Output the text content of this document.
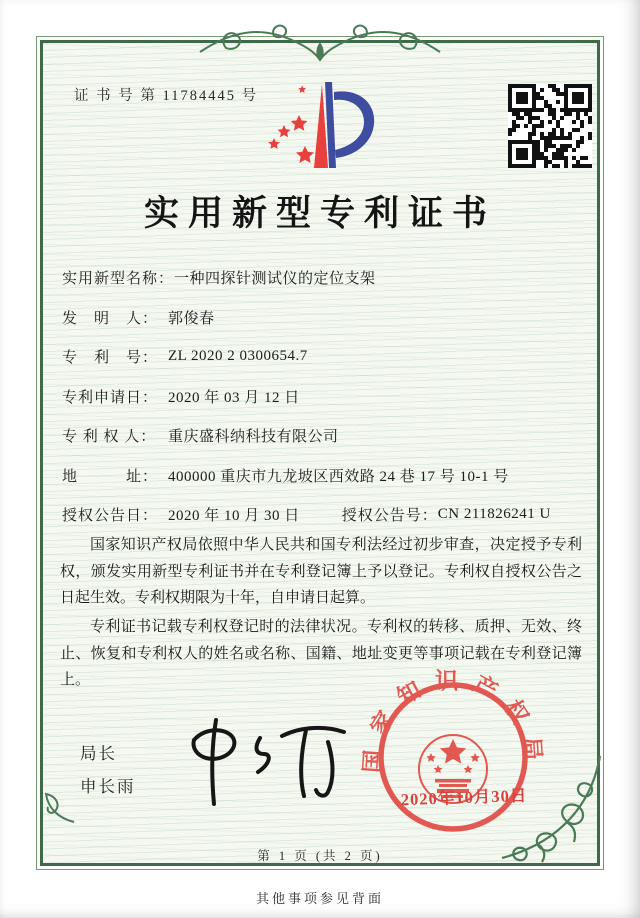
证 书 号 第 11784445 号
实用新型专利证书
实用新型名称： 一种四探针测试仪的定位支架
发　明　人： 郭俊春
专　利　号： ZL 2020 2 0300654.7
专利申请日： 2020 年 03 月 12 日
专 利 权 人： 重庆盛科纳科技有限公司
地　　　址： 400000 重庆市九龙坡区西效路 24 巷 17 号 10-1 号
授权公告日： 2020 年 10 月 30 日	授权公告号： CN 211826241 U

国家知识产权局依照中华人民共和国专利法经过初步审查，决定授予专利权，颁发实用新型专利证书并在专利登记簿上予以登记。专利权自授权公告之日起生效。专利权期限为十年，自申请日起算。

专利证书记载专利权登记时的法律状况。专利权的转移、质押、无效、终止、恢复和专利权人的姓名或名称、国籍、地址变更等事项记载在专利登记簿上。

局长
申长雨
国家知识产权局
2020年10月30日
第 1 页 (共 2 页)
其他事项参见背面
